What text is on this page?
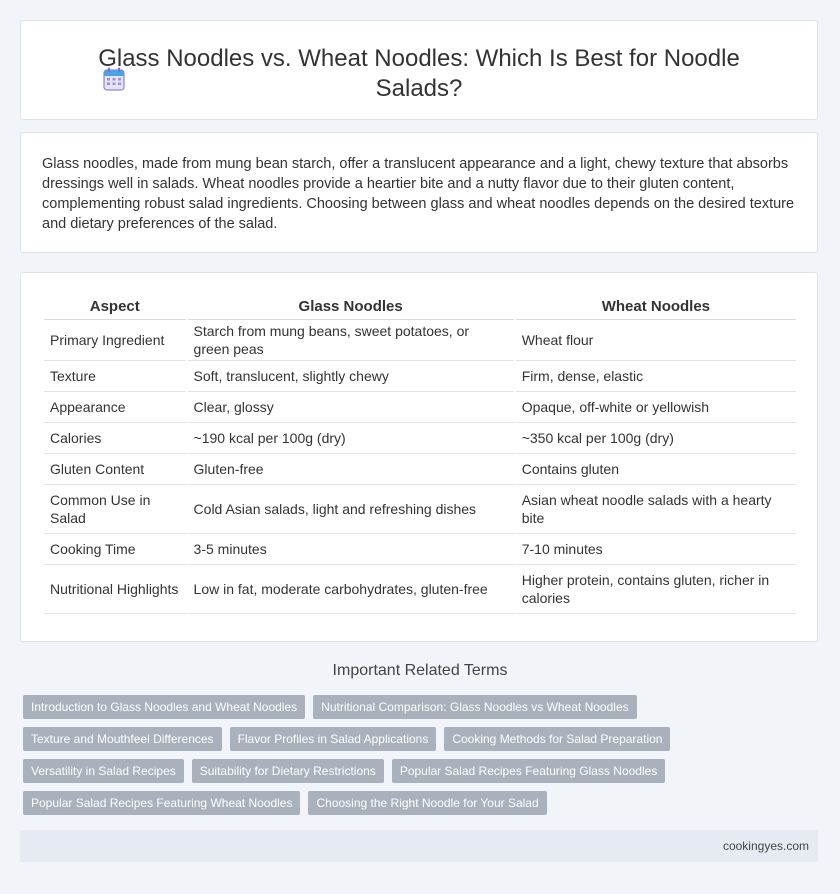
Glass Noodles vs. Wheat Noodles: Which Is Best for Noodle Salads?
Glass noodles, made from mung bean starch, offer a translucent appearance and a light, chewy texture that absorbs dressings well in salads. Wheat noodles provide a heartier bite and a nutty flavor due to their gluten content, complementing robust salad ingredients. Choosing between glass and wheat noodles depends on the desired texture and dietary preferences of the salad.
Aspect	Glass Noodles	Wheat Noodles
Primary Ingredient	Starch from mung beans, sweet potatoes, or green peas	Wheat flour
Texture	Soft, translucent, slightly chewy	Firm, dense, elastic
Appearance	Clear, glossy	Opaque, off-white or yellowish
Calories	~190 kcal per 100g (dry)	~350 kcal per 100g (dry)
Gluten Content	Gluten-free	Contains gluten
Common Use in Salad	Cold Asian salads, light and refreshing dishes	Asian wheat noodle salads with a hearty bite
Cooking Time	3-5 minutes	7-10 minutes
Nutritional Highlights	Low in fat, moderate carbohydrates, gluten-free	Higher protein, contains gluten, richer in calories
Important Related Terms
Introduction to Glass Noodles and Wheat Noodles	Nutritional Comparison: Glass Noodles vs Wheat Noodles
Texture and Mouthfeel Differences	Flavor Profiles in Salad Applications	Cooking Methods for Salad Preparation
Versatility in Salad Recipes	Suitability for Dietary Restrictions	Popular Salad Recipes Featuring Glass Noodles
Popular Salad Recipes Featuring Wheat Noodles	Choosing the Right Noodle for Your Salad
cookingyes.com
